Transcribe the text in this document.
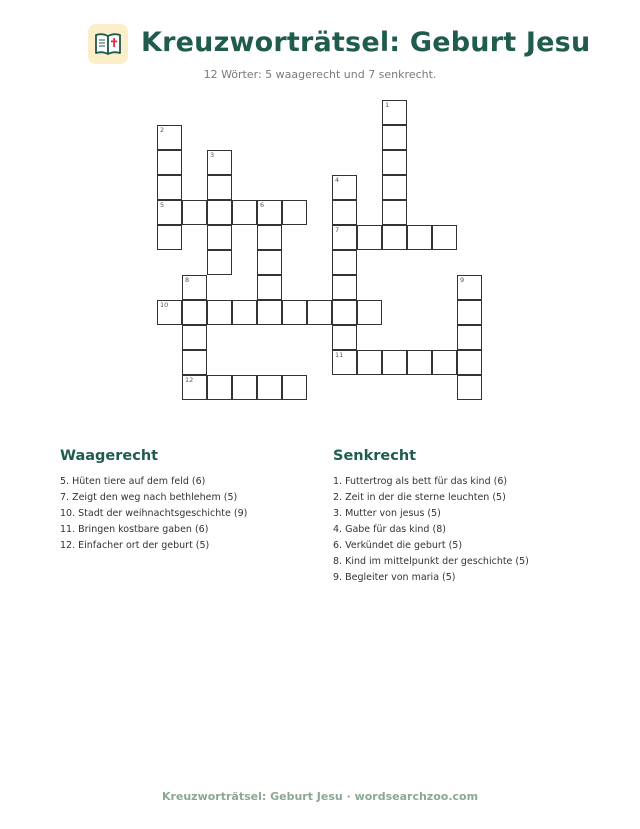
Kreuzworträtsel: Geburt Jesu
12 Wörter: 5 waagerecht und 7 senkrecht.
1
2
5
3
4
7
11
6
8
12
9
10
Waagerecht
5. Hüten tiere auf dem feld (6)
7. Zeigt den weg nach bethlehem (5)
10. Stadt der weihnachtsgeschichte (9)
11. Bringen kostbare gaben (6)
12. Einfacher ort der geburt (5)
Senkrecht
1. Futtertrog als bett für das kind (6)
2. Zeit in der die sterne leuchten (5)
3. Mutter von jesus (5)
4. Gabe für das kind (8)
6. Verkündet die geburt (5)
8. Kind im mittelpunkt der geschichte (5)
9. Begleiter von maria (5)
Kreuzworträtsel: Geburt Jesu · wordsearchzoo.com
